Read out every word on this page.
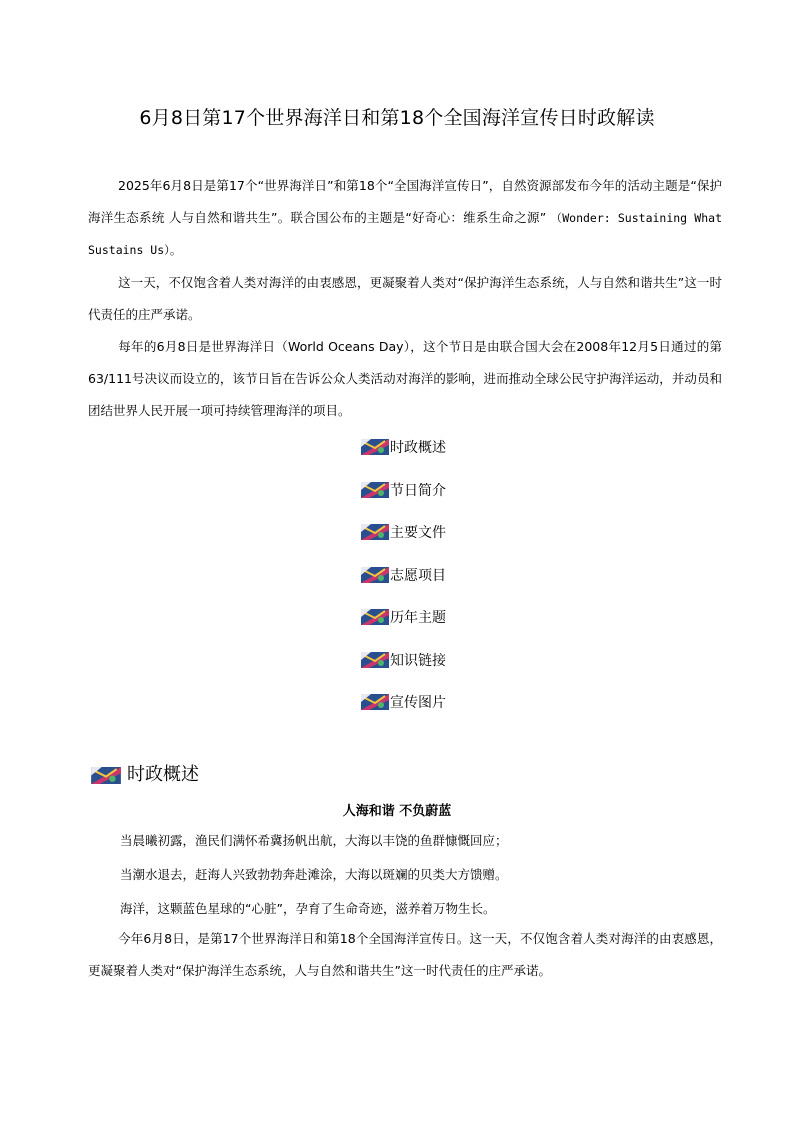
6月8日第17个世界海洋日和第18个全国海洋宣传日时政解读
2025年6月8日是第17个“世界海洋日”和第18个“全国海洋宣传日”，自然资源部发布今年的活动主题是“保护海洋生态系统 人与自然和谐共生”。联合国公布的主题是“好奇心：维系生命之源” （Wonder: Sustaining What Sustains Us）。
这一天，不仅饱含着人类对海洋的由衷感恩，更凝聚着人类对“保护海洋生态系统，人与自然和谐共生”这一时代责任的庄严承诺。
每年的6月8日是世界海洋日（World Oceans Day），这个节日是由联合国大会在2008年12月5日通过的第63/111号决议而设立的，该节日旨在告诉公众人类活动对海洋的影响，进而推动全球公民守护海洋运动，并动员和团结世界人民开展一项可持续管理海洋的项目。
时政概述
节日简介
主要文件
志愿项目
历年主题
知识链接
宣传图片
时政概述
人海和谐 不负蔚蓝
当晨曦初露，渔民们满怀希冀扬帆出航，大海以丰饶的鱼群慷慨回应；
当潮水退去，赶海人兴致勃勃奔赴滩涂，大海以斑斓的贝类大方馈赠。
海洋，这颗蓝色星球的“心脏”，孕育了生命奇迹，滋养着万物生长。
今年6月8日，是第17个世界海洋日和第18个全国海洋宣传日。这一天，不仅饱含着人类对海洋的由衷感恩，更凝聚着人类对“保护海洋生态系统，人与自然和谐共生”这一时代责任的庄严承诺。
